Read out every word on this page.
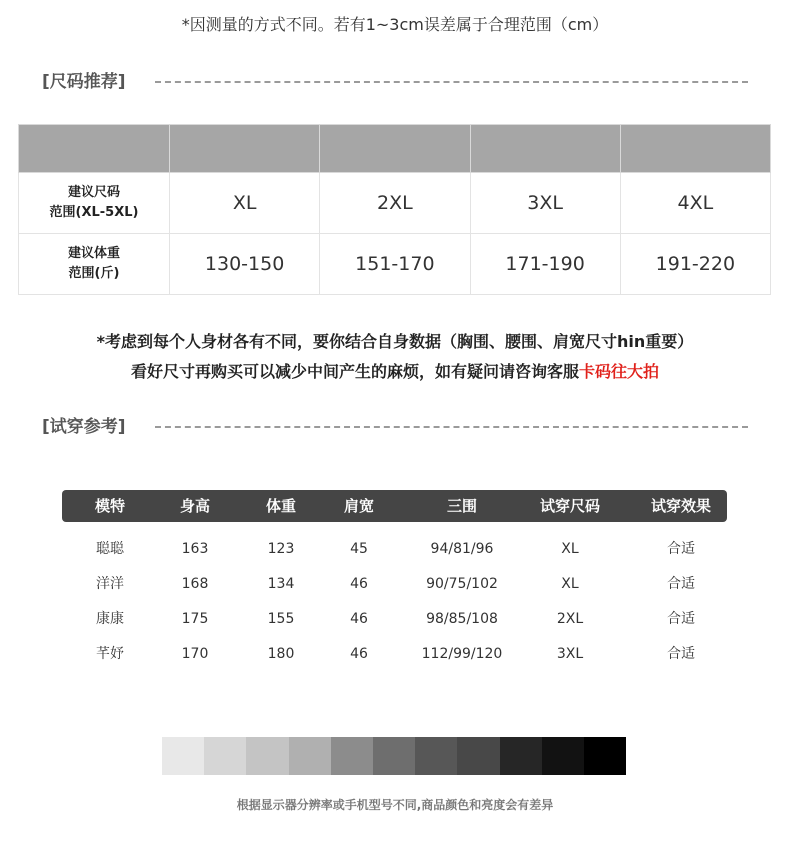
*因测量的方式不同。若有1~3cm误差属于合理范围（cm）
[尺码推荐]

建议尺码
范围(XL-5XL)	XL	2XL	3XL	4XL

建议体重
范围(斤)	130-150	151-170	171-190	191-220
*考虑到每个人身材各有不同，要你结合自身数据（胸围、腰围、肩宽尺寸hin重要）
看好尺寸再购买可以减少中间产生的麻烦，如有疑问请咨询客服卡码往大拍
[试穿参考]
模特	身高	体重	肩宽	三围	试穿尺码	试穿效果
聪聪	163	123	45	94/81/96	XL	合适
洋洋	168	134	46	90/75/102	XL	合适
康康	175	155	46	98/85/108	2XL	合适
芊妤	170	180	46	112/99/120	3XL	合适
根据显示器分辨率或手机型号不同,商品颜色和亮度会有差异
